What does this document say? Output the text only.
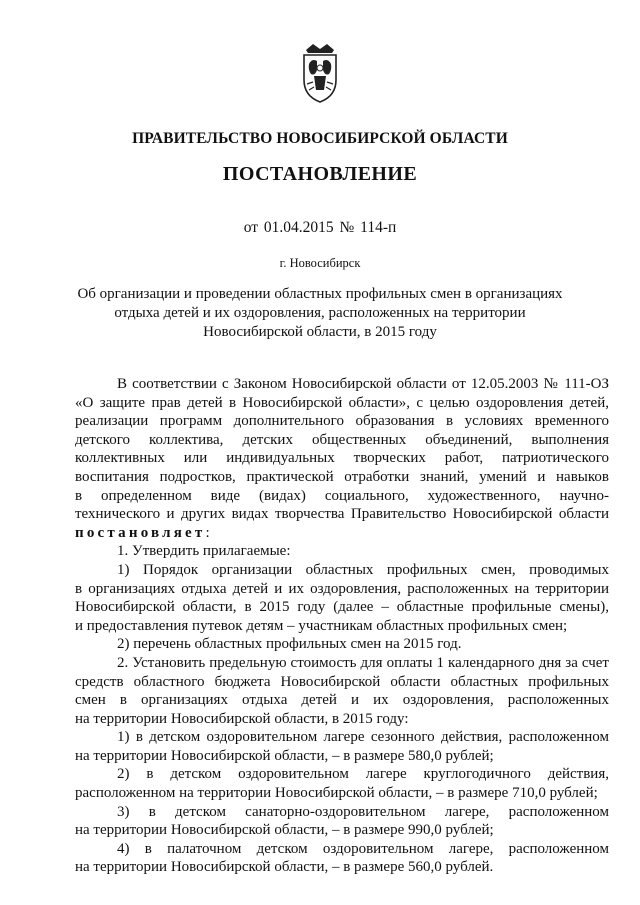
ПРАВИТЕЛЬСТВО НОВОСИБИРСКОЙ ОБЛАСТИ
ПОСТАНОВЛЕНИЕ
от 01.04.2015 № 114-п
г. Новосибирск
Об организации и проведении областных профильных смен в организациях
отдыха детей и их оздоровления, расположенных на территории
Новосибирской области, в 2015 году

В соответствии с Законом Новосибирской области от 12.05.2003 № 111-ОЗ

«О защите прав детей в Новосибирской области», с целью оздоровления детей,

реализации программ дополнительного образования в условиях временного

детского коллектива, детских общественных объединений, выполнения

коллективных или индивидуальных творческих работ, патриотического

воспитания подростков, практической отработки знаний, умений и навыков

в определенном виде (видах) социального, художественного, научно-

технического и других видах творчества Правительство Новосибирской области

постановляет:

1. Утвердить прилагаемые:

1) Порядок организации областных профильных смен, проводимых

в организациях отдыха детей и их оздоровления, расположенных на территории

Новосибирской области, в 2015 году (далее – областные профильные смены),

и предоставления путевок детям – участникам областных профильных смен;

2) перечень областных профильных смен на 2015 год.

2. Установить предельную стоимость для оплаты 1 календарного дня за счет

средств областного бюджета Новосибирской области областных профильных

смен в организациях отдыха детей и их оздоровления, расположенных

на территории Новосибирской области, в 2015 году:

1) в детском оздоровительном лагере сезонного действия, расположенном

на территории Новосибирской области, – в размере 580,0 рублей;

2) в детском оздоровительном лагере круглогодичного действия,

расположенном на территории Новосибирской области, – в размере 710,0 рублей;

3) в детском санаторно-оздоровительном лагере, расположенном

на территории Новосибирской области, – в размере 990,0 рублей;

4) в палаточном детском оздоровительном лагере, расположенном

на территории Новосибирской области, – в размере 560,0 рублей.
